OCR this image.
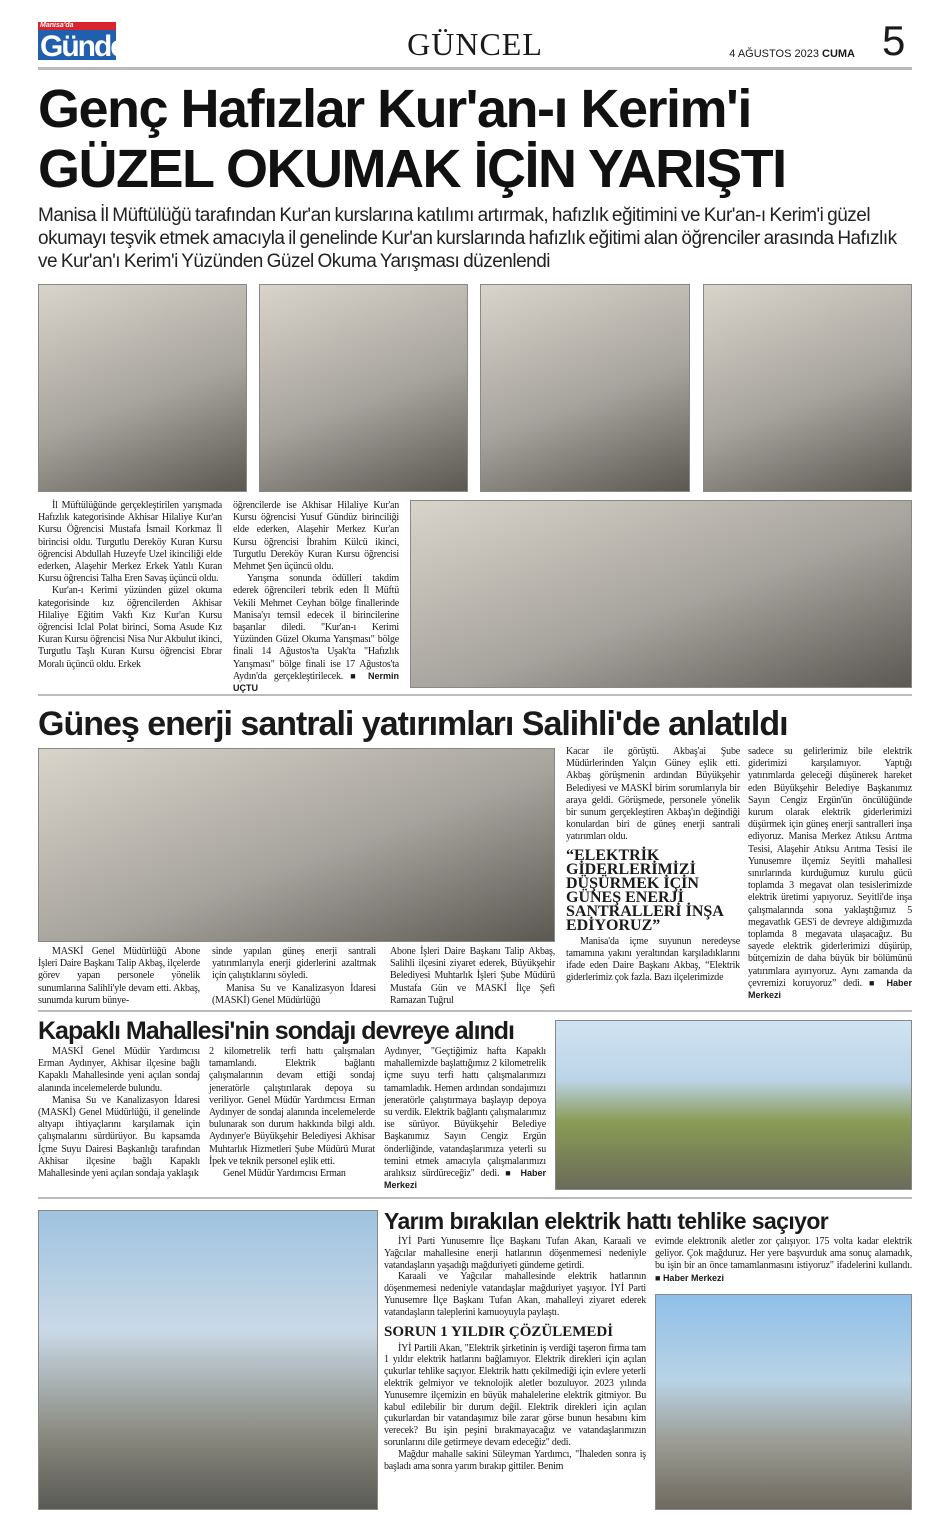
Manisa'da
Gündem	GÜNCEL	4 AĞUSTOS 2023 CUMA 5
Genç Hafızlar Kur'an-ı Kerim'i
GÜZEL OKUMAK İÇİN YARIŞTI
Manisa İl Müftülüğü tarafından Kur'an kurslarına katılımı artırmak, hafızlık eğitimini ve Kur'an-ı Kerim'i güzel okumayı teşvik etmek amacıyla il genelinde Kur'an kurslarında hafızlık eğitimi alan öğrenciler arasında Hafızlık ve Kur'an'ı Kerim'i Yüzünden Güzel Okuma Yarışması düzenlendi

İl Müftülüğünde gerçekleştirilen yarışmada Hafızlık kategorisinde Akhisar Hilaliye Kur'an Kursu Öğrencisi Mustafa İsmail Korkmaz İl birincisi oldu. Turgutlu Dereköy Kuran Kursu öğrencisi Abdullah Huzeyfe Uzel ikinciliği elde ederken, Alaşehir Merkez Erkek Yatılı Kuran Kursu öğrencisi Talha Eren Savaş üçüncü oldu.

Kur'an-ı Kerimi yüzünden güzel okuma kategorisinde kız öğrencilerden Akhisar Hilaliye Eğitim Vakfı Kız Kur'an Kursu öğrencisi Iclal Polat birinci, Soma Asude Kız Kuran Kursu öğrencisi Nisa Nur Akbulut ikinci, Turgutlu Taşlı Kuran Kursu öğrencisi Ebrar Moralı üçüncü oldu. Erkek

öğrencilerde ise Akhisar Hilaliye Kur'an Kursu öğrencisi Yusuf Gündüz birinciliği elde ederken, Alaşehir Merkez Kur'an Kursu öğrencisi İbrahim Külcü ikinci, Turgutlu Dereköy Kuran Kursu öğrencisi Mehmet Şen üçüncü oldu.

Yarışma sonunda ödülleri takdim ederek öğrencileri tebrik eden İl Müftü Vekili Mehmet Ceyhan bölge finallerinde Manisa'yı temsil edecek il birincilerine başarılar diledi. "Kur'an-ı Kerimi Yüzünden Güzel Okuma Yarışması" bölge finali 14 Ağustos'ta Uşak'ta "Hafızlık Yarışması" bölge finali ise 17 Ağustos'ta Aydın'da gerçekleştirilecek.	■ Nermin UÇTU

Güneş enerji santrali yatırımları Salihli'de anlatıldı

MASKİ Genel Müdürlüğü Abone İşleri Daire Başkanı Talip Akbaş, ilçelerde görev yapan personele yönelik sunumlarına Salihli'yle devam etti. Akbaş, sunumda kurum bünye-

sinde yapılan güneş enerji santrali yatırımlarıyla enerji giderlerini azaltmak için çalıştıklarını söyledi.

Manisa Su ve Kanalizasyon İdaresi (MASKİ) Genel Müdürlüğü

Abone İşleri Daire Başkanı Talip Akbaş, Salihli ilçesini ziyaret ederek, Büyükşehir Belediyesi Muhtarlık İşleri Şube Müdürü Mustafa Gün ve MASKİ İlçe Şefi Ramazan Tuğrul

Kacar ile görüştü. Akbaş'ai Şube Müdürlerinden Yalçın Güney eşlik etti. Akbaş görüşmenin ardından Büyükşehir Belediyesi ve MASKİ birim sorumlarıyla bir araya geldi. Görüşmede, personele yönelik bir sunum gerçekleştiren Akbaş'ın değindiği konulardan biri de güneş enerji santrali yatırımları oldu.

“ELEKTRİK GİDERLERİMİZİ DÜŞÜRMEK İÇİN GÜNEŞ ENERJİ SANTRALLERİ İNŞA EDİYORUZ”

Manisa'da içme suyunun neredeyse tamamına yakını yeraltından karşıladıklarını ifade eden Daire Başkanı Akbaş, “Elektrik giderlerimiz çok fazla. Bazı ilçelerimizde

sadece su gelirlerimiz bile elektrik giderimizi karşılamıyor. Yaptığı yatırımlarda geleceği düşünerek hareket eden Büyükşehir Belediye Başkanımız Sayın Cengiz Ergün'ün öncülüğünde kurum olarak elektrik giderlerimizi düşürmek için güneş enerji santralleri inşa ediyoruz. Manisa Merkez Atıksu Arıtma Tesisi, Alaşehir Atıksu Arıtma Tesisi ile Yunusemre ilçemiz Seyitli mahallesi sınırlarında kurduğumuz kurulu gücü toplamda 3 megavat olan tesislerimizde elektrik üretimi yapıyoruz. Seyitli'de inşa çalışmalarında sona yaklaştığımız 5 megavatlık GES'i de devreye aldığımızda toplamda 8 megavata ulaşacağız. Bu sayede elektrik giderlerimizi düşürüp, bütçemizin de daha büyük bir bölümünü yatırımlara ayırıyoruz. Aynı zamanda da çevremizi koruyoruz” dedi.	■ Haber Merkezi

Kapaklı Mahallesi'nin sondajı devreye alındı

MASKİ Genel Müdür Yardımcısı Erman Aydınyer, Akhisar ilçesine bağlı Kapaklı Mahallesinde yeni açılan sondaj alanında incelemelerde bulundu.

Manisa Su ve Kanalizasyon İdaresi (MASKİ) Genel Müdürlüğü, il genelinde altyapı ihtiyaçlarını karşılamak için çalışmalarını sürdürüyor. Bu kapsamda İçme Suyu Dairesi Başkanlığı tarafından Akhisar ilçesine bağlı Kapaklı Mahallesinde yeni açılan sondaja yaklaşık

2 kilometrelik terfi hattı çalışmaları tamamlandı. Elektrik bağlantı çalışmalarının devam ettiği sondaj jeneratörle çalıştırılarak depoya su veriliyor. Genel Müdür Yardımcısı Erman Aydınyer de sondaj alanında incelemelerde bulunarak son durum hakkında bilgi aldı. Aydınyer'e Büyükşehir Belediyesi Akhisar Muhtarlık Hizmetleri Şube Müdürü Murat İpek ve teknik personel eşlik etti.

Genel Müdür Yardımcısı Erman

Aydınyer, "Geçtiğimiz hafta Kapaklı mahallemizde başlattığımız 2 kilometrelik içme suyu terfi hattı çalışmalarımızı tamamladık. Hemen ardından sondajımızı jeneratörle çalıştırmaya başlayıp depoya su verdik. Elektrik bağlantı çalışmalarımız ise sürüyor. Büyükşehir Belediye Başkanımız Sayın Cengiz Ergün önderliğinde, vatandaşlarımıza yeterli su temini etmek amacıyla çalışmalarımızı aralıksız sürdüreceğiz" dedi. ■ Haber Merkezi

Yarım bırakılan elektrik hattı tehlike saçıyor

İYİ Parti Yunusemre İlçe Başkanı Tufan Akan, Karaali ve Yağcılar mahallesine enerji hatlarının döşenmemesi nedeniyle vatandaşların yaşadığı mağduriyeti gündeme getirdi.

Karaali ve Yağcılar mahallesinde elektrik hatlarının döşenmemesi nedeniyle vatandaşlar mağduriyet yaşıyor. İYİ Parti Yunusemre İlçe Başkanı Tufan Akan, mahalleyi ziyaret ederek vatandaşların taleplerini kamuoyuyla paylaştı.

SORUN 1 YILDIR ÇÖZÜLEMEDİ

İYİ Partili Akan, "Elektrik şirketinin iş verdiği taşeron firma tam 1 yıldır elektrik hatlarını bağlamıyor. Elektrik direkleri için açılan çukurlar tehlike saçıyor. Elektrik hattı çekilmediği için evlere yeterli elektrik gelmiyor ve teknolojik aletler bozuluyor. 2023 yılında Yunusemre ilçemizin en büyük mahalelerine elektrik gitmiyor. Bu kabul edilebilir bir durum değil. Elektrik direkleri için açılan çukurlardan bir vatandaşımız bile zarar görse bunun hesabını kim verecek? Bu işin peşini bırakmayacağız ve vatandaşlarımızın sorunlarını dile getirmeye devam edeceğiz" dedi.

Mağdur mahalle sakini Süleyman Yardımcı, "İhaleden sonra iş başladı ama sonra yarım bırakıp gittiler. Benim

evimde elektronik aletler zor çalışıyor. 175 volta kadar elektrik geliyor. Çok mağduruz. Her yere başvurduk ama sonuç alamadık, bu işin bir an önce tamamlanmasını istiyoruz" ifadelerini kullandı. ■ Haber Merkezi
